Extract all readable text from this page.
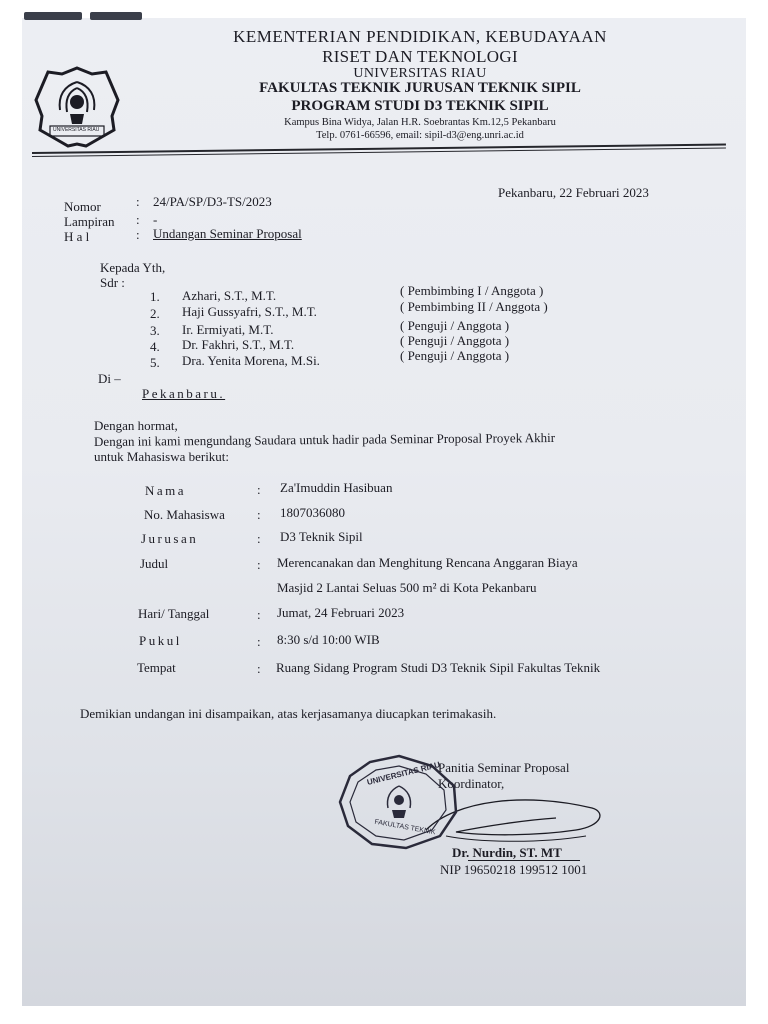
UNIVERSITAS RIAU
KEMENTERIAN PENDIDIKAN, KEBUDAYAAN
RISET DAN TEKNOLOGI
UNIVERSITAS RIAU
FAKULTAS TEKNIK JURUSAN TEKNIK SIPIL
PROGRAM STUDI D3 TEKNIK SIPIL
Kampus Bina Widya, Jalan H.R. Soebrantas Km.12,5 Pekanbaru
Telp. 0761-66596, email: sipil-d3@eng.unri.ac.id
Pekanbaru, 22 Februari 2023
Nomor	: 24/PA/SP/D3-TS/2023
Lampiran : -
H a l	: Undangan Seminar Proposal
Kepada Yth,
Sdr :
1. Azhari, S.T., M.T.	( Pembimbing I / Anggota )
2. Haji Gussyafri, S.T., M.T.	( Pembimbing II / Anggota )
3. Ir. Ermiyati, M.T.	( Penguji / Anggota )
4. Dr. Fakhri, S.T., M.T.	( Penguji / Anggota )
5. Dra. Yenita Morena, M.Si.	( Penguji / Anggota )
Di –
Pekanbaru.
Dengan hormat,
Dengan ini kami mengundang Saudara untuk hadir pada Seminar Proposal Proyek Akhir
untuk Mahasiswa berikut:
Nama	: Za'Imuddin Hasibuan
No. Mahasiswa : 1807036080
Jurusan	: D3 Teknik Sipil
Judul	: Merencanakan dan Menghitung Rencana Anggaran Biaya
Masjid 2 Lantai Seluas 500 m² di Kota Pekanbaru
Hari/ Tanggal	: Jumat, 24 Februari 2023
Pukul	: 8:30 s/d 10:00 WIB
Tempat	: Ruang Sidang Program Studi D3 Teknik Sipil Fakultas Teknik
Demikian undangan ini disampaikan, atas kerjasamanya diucapkan terimakasih.
Panitia Seminar Proposal
Koordinator,
UNIVERSITAS RIAU
FAKULTAS TEKNIK
Dr. Nurdin, ST. MT
NIP 19650218 199512 1001
